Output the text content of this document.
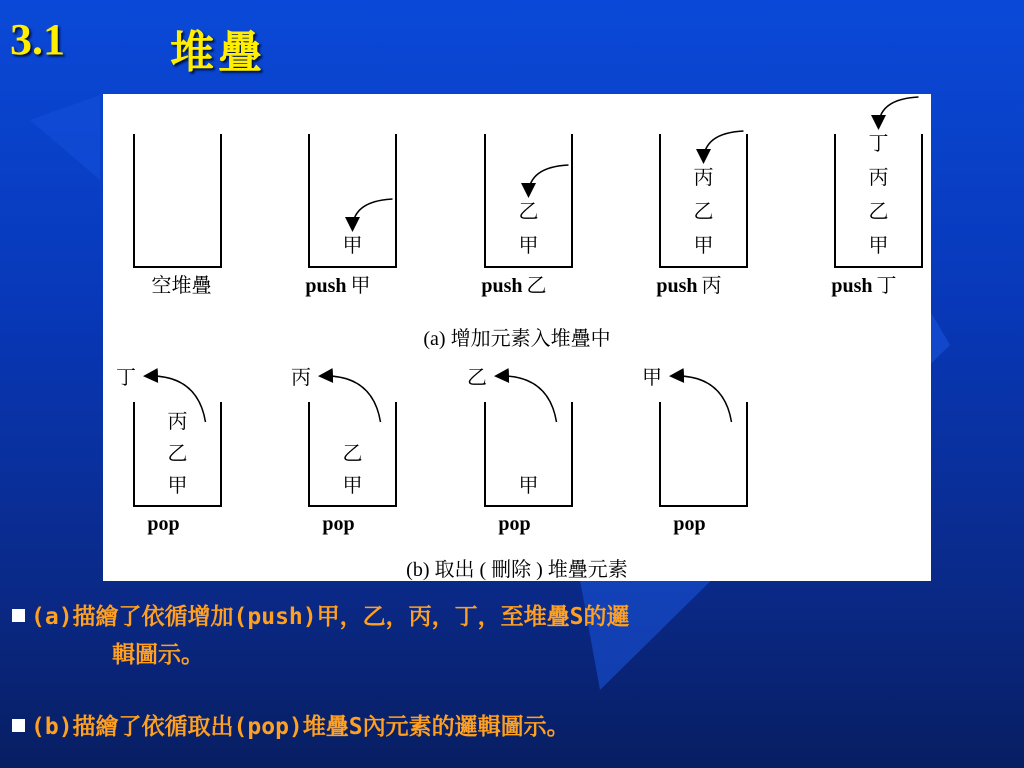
3.1 堆疊
空堆疊
甲
push 甲
乙
甲
push 乙
丙
乙
甲
push 丙
丁
丙
乙
甲
push 丁
(a) 增加元素入堆疊中
丙
乙
甲
pop
丁
乙
甲
pop
丙
甲
pop
乙
pop
甲
(b) 取出 ( 刪除 ) 堆疊元素
(a)描繪了依循增加(push)甲，乙，丙，丁，至堆疊S的邏
輯圖示。
(b)描繪了依循取出(pop)堆疊S內元素的邏輯圖示。
